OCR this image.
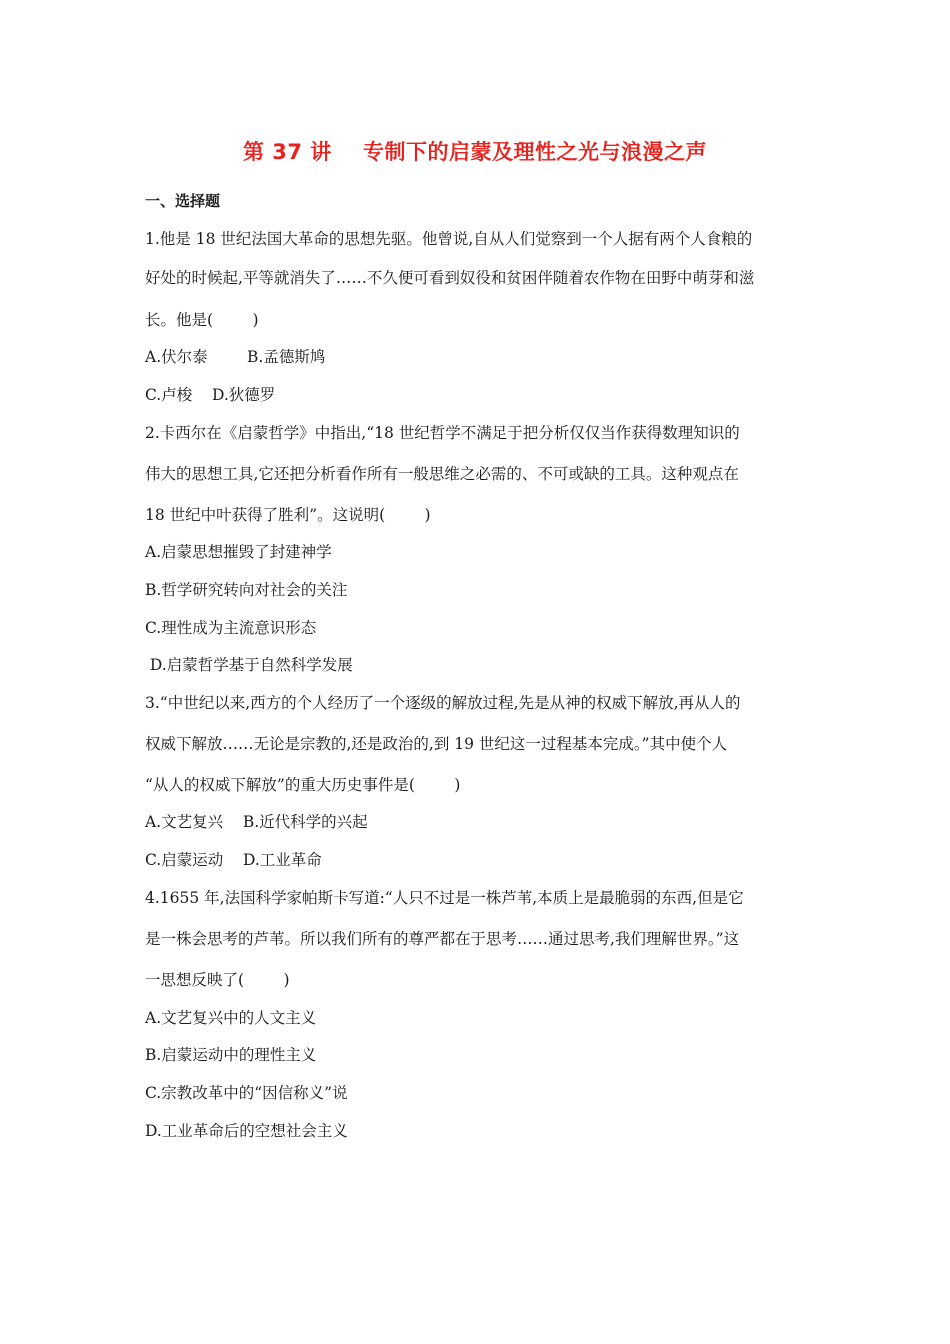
第 37 讲    专制下的启蒙及理性之光与浪漫之声
一、选择题
1.他是 18 世纪法国大革命的思想先驱。他曾说,自从人们觉察到一个人据有两个人食粮的
好处的时候起,平等就消失了……不久便可看到奴役和贫困伴随着农作物在田野中萌芽和滋
长。他是(        )
A.伏尔泰        B.孟德斯鸠
C.卢梭    D.狄德罗
2.卡西尔在《启蒙哲学》中指出,“18 世纪哲学不满足于把分析仅仅当作获得数理知识的
伟大的思想工具,它还把分析看作所有一般思维之必需的、不可或缺的工具。这种观点在
18 世纪中叶获得了胜利”。这说明(        )
A.启蒙思想摧毁了封建神学
B.哲学研究转向对社会的关注
C.理性成为主流意识形态
D.启蒙哲学基于自然科学发展
3.“中世纪以来,西方的个人经历了一个逐级的解放过程,先是从神的权威下解放,再从人的
权威下解放……无论是宗教的,还是政治的,到 19 世纪这一过程基本完成。”其中使个人
“从人的权威下解放”的重大历史事件是(        )
A.文艺复兴    B.近代科学的兴起
C.启蒙运动    D.工业革命
4.1655 年,法国科学家帕斯卡写道:“人只不过是一株芦苇,本质上是最脆弱的东西,但是它
是一株会思考的芦苇。所以我们所有的尊严都在于思考……通过思考,我们理解世界。”这
一思想反映了(        )
A.文艺复兴中的人文主义
B.启蒙运动中的理性主义
C.宗教改革中的“因信称义”说
D.工业革命后的空想社会主义
